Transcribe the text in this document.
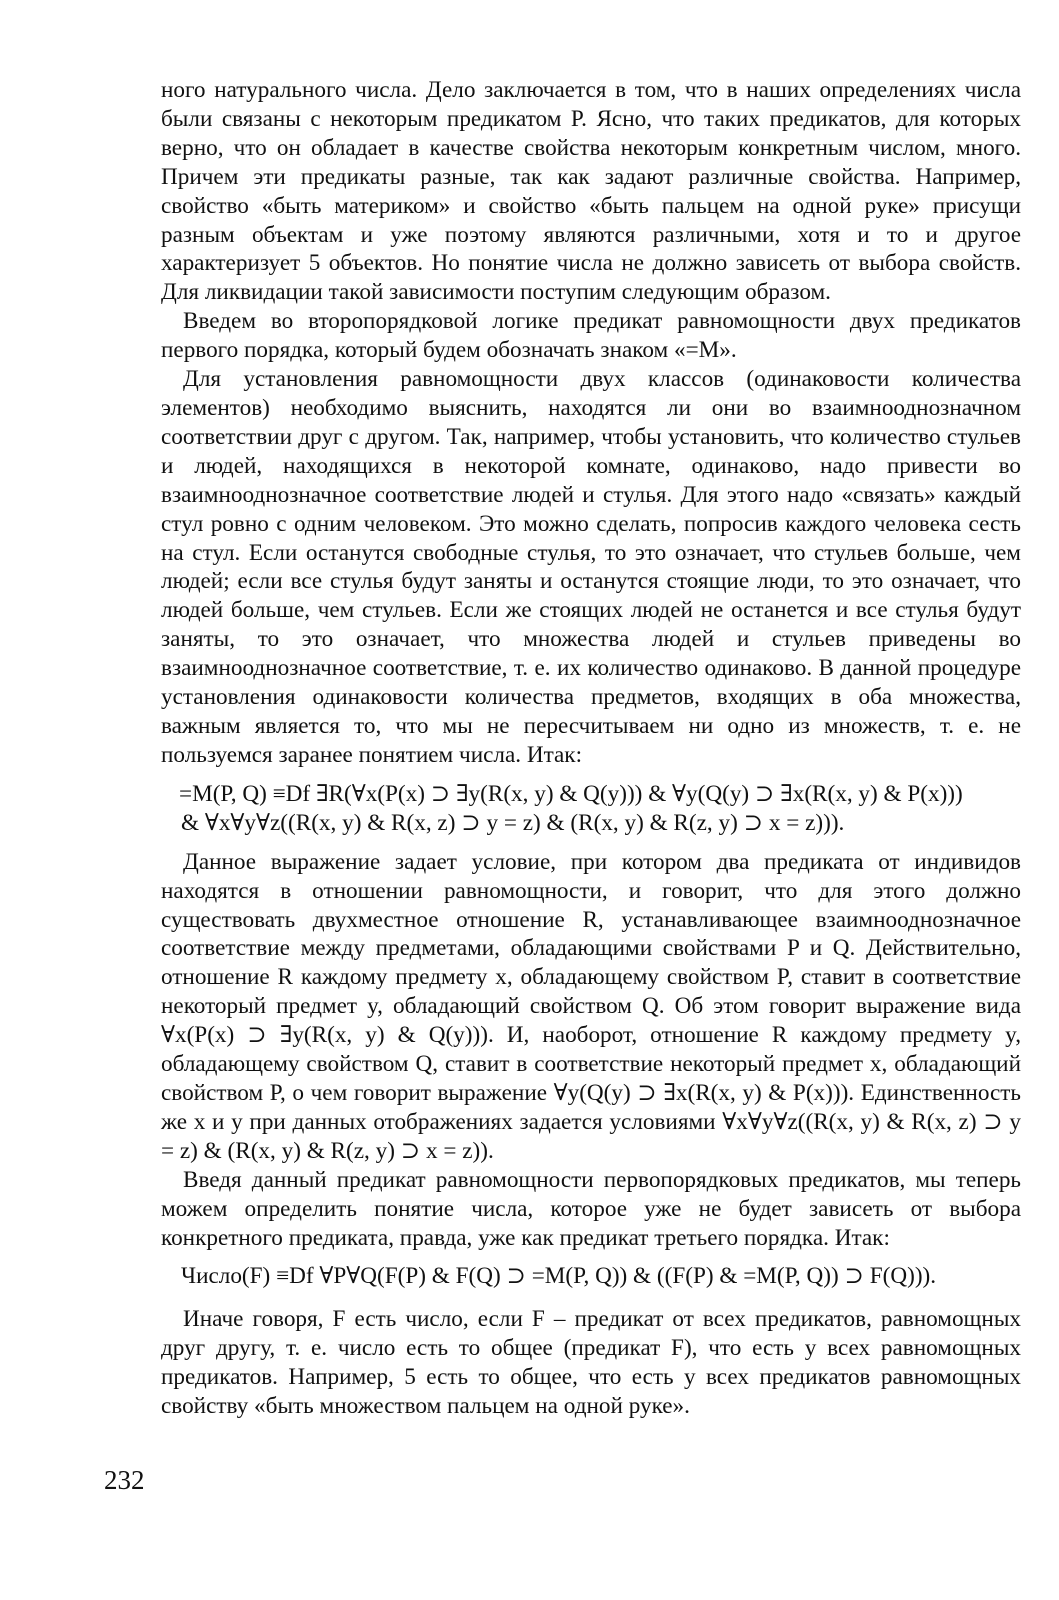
ного натурального числа. Дело заключается в том, что в наших определениях числа были связаны с некоторым предикатом P. Ясно, что таких предикатов, для которых верно, что он обладает в качестве свойства некоторым конкретным числом, много. Причем эти предикаты разные, так как задают различные свойства. Например, свойство «быть материком» и свойство «быть пальцем на одной руке» присущи разным объектам и уже поэтому являются различными, хотя и то и другое характеризует 5 объектов. Но понятие числа не должно зависеть от выбора свойств. Для ликвидации такой зависимости поступим следующим образом.

Введем во второпорядковой логике предикат равномощности двух предикатов первого порядка, который будем обозначать знаком «=M».

Для установления равномощности двух классов (одинаковости количества элементов) необходимо выяснить, находятся ли они во взаимнооднозначном соответствии друг с другом. Так, например, чтобы установить, что количество стульев и людей, находящихся в некоторой комнате, одинаково, надо привести во взаимнооднозначное соответствие людей и стулья. Для этого надо «связать» каждый стул ровно с одним человеком. Это можно сделать, попросив каждого человека сесть на стул. Если останутся свободные стулья, то это означает, что стульев больше, чем людей; если все стулья будут заняты и останутся стоящие люди, то это означает, что людей больше, чем стульев. Если же стоящих людей не останется и все стулья будут заняты, то это означает, что множества людей и стульев приведены во взаимнооднозначное соответствие, т. е. их количество одинаково. В данной процедуре установления одинаковости количества предметов, входящих в оба множества, важным является то, что мы не пересчитываем ни одно из множеств, т. е. не пользуемся заранее понятием числа. Итак:

=M(P, Q) ≡Df ∃R(∀x(P(x) ⊃ ∃y(R(x, y) & Q(y))) & ∀y(Q(y) ⊃ ∃x(R(x, y) & P(x)))
& ∀x∀y∀z((R(x, y) & R(x, z) ⊃ y = z) & (R(x, y) & R(z, y) ⊃ x = z))).

Данное выражение задает условие, при котором два предиката от индивидов находятся в отношении равномощности, и говорит, что для этого должно существовать двухместное отношение R, устанавливающее взаимнооднозначное соответствие между предметами, обладающими свойствами P и Q. Действительно, отношение R каждому предмету x, обладающему свойством P, ставит в соответствие некоторый предмет y, обладающий свойством Q. Об этом говорит выражение вида ∀x(P(x) ⊃ ∃y(R(x, y) & Q(y))). И, наоборот, отношение R каждому предмету y, обладающему свойством Q, ставит в соответствие некоторый предмет x, обладающий свойством P, о чем говорит выражение ∀y(Q(y) ⊃ ∃x(R(x, y) & P(x))). Единственность же x и y при данных отображениях задается условиями ∀x∀y∀z((R(x, y) & R(x, z) ⊃ y = z) & (R(x, y) & R(z, y) ⊃ x = z)).

Введя данный предикат равномощности первопорядковых предикатов, мы теперь можем определить понятие числа, которое уже не будет зависеть от выбора конкретного предиката, правда, уже как предикат третьего порядка. Итак:

Число(F) ≡Df ∀P∀Q(F(P) & F(Q) ⊃ =M(P, Q)) & ((F(P) & =M(P, Q)) ⊃ F(Q))).

Иначе говоря, F есть число, если F – предикат от всех предикатов, равномощных друг другу, т. е. число есть то общее (предикат F), что есть у всех равномощных предикатов. Например, 5 есть то общее, что есть у всех предикатов равномощных свойству «быть множеством пальцем на одной руке».

232
